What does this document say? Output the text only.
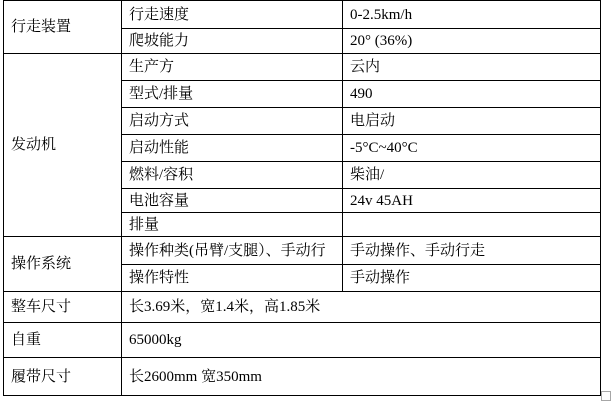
行走装置	行走速度	0-2.5km/h
	爬坡能力	20° (36%)
发动机	生产方	云内
	型式/排量	490
	启动方式	电启动
	启动性能	-5°C~40°C
	燃料/容积	柴油/
	电池容量	24v 45AH
	排量	
操作系统	操作种类(吊臂/支腿）、手动行	手动操作、手动行走
	操作特性	手动操作
整车尺寸	长3.69米，宽1.4米，高1.85米	
自重	65000kg	
履带尺寸	长2600mm 宽350mm	
